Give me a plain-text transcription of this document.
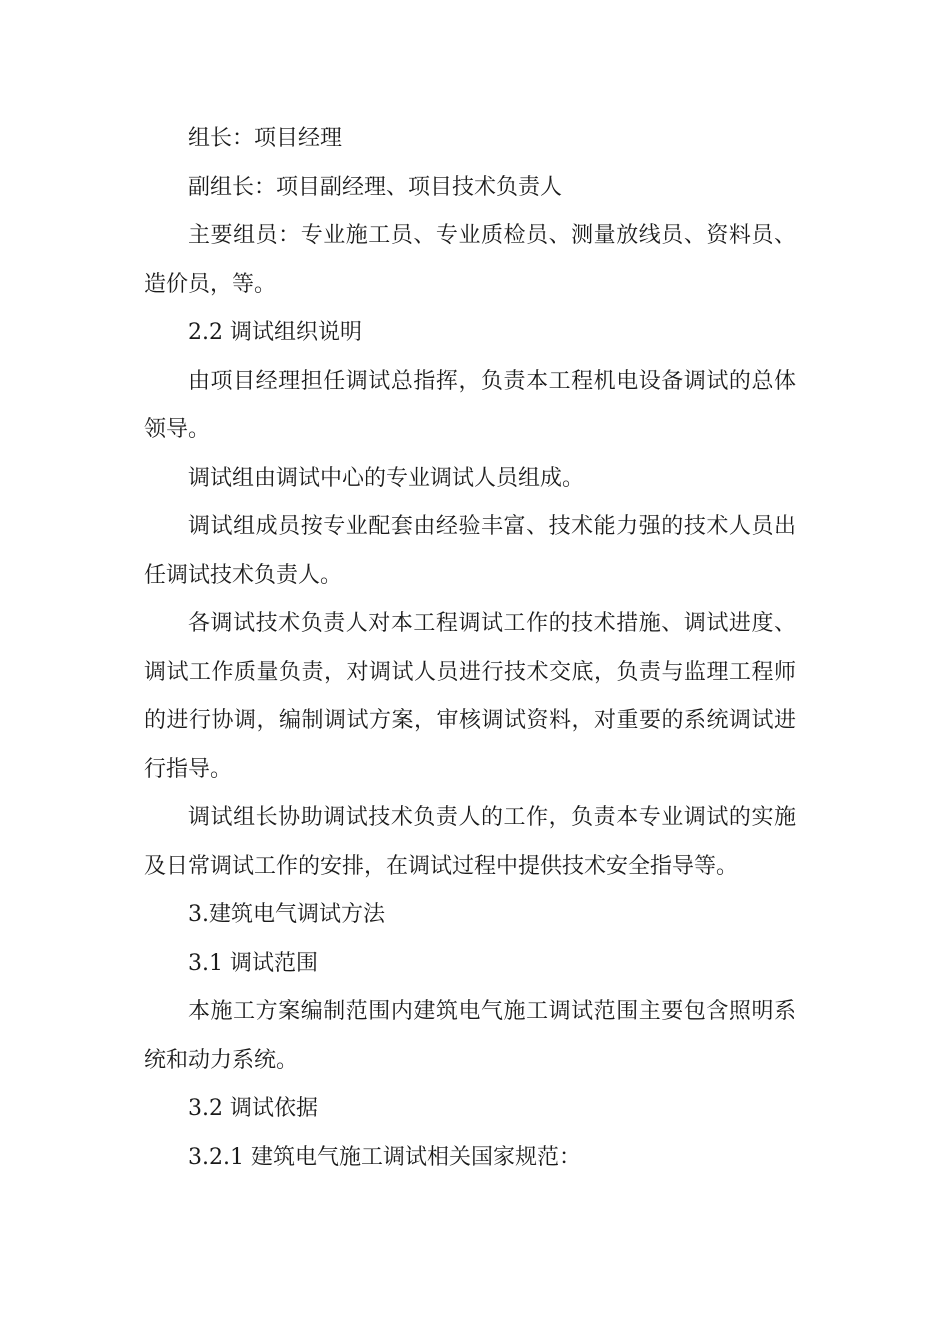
组长：项目经理

副组长：项目副经理、项目技术负责人

主要组员：专业施工员、专业质检员、测量放线员、资料员、造价员，等。

2.2 调试组织说明

由项目经理担任调试总指挥，负责本工程机电设备调试的总体领导。

调试组由调试中心的专业调试人员组成。

调试组成员按专业配套由经验丰富、技术能力强的技术人员出任调试技术负责人。

各调试技术负责人对本工程调试工作的技术措施、调试进度、调试工作质量负责，对调试人员进行技术交底，负责与监理工程师的进行协调，编制调试方案，审核调试资料，对重要的系统调试进行指导。

调试组长协助调试技术负责人的工作，负责本专业调试的实施及日常调试工作的安排，在调试过程中提供技术安全指导等。

3.建筑电气调试方法

3.1 调试范围

本施工方案编制范围内建筑电气施工调试范围主要包含照明系统和动力系统。

3.2 调试依据

3.2.1 建筑电气施工调试相关国家规范：
